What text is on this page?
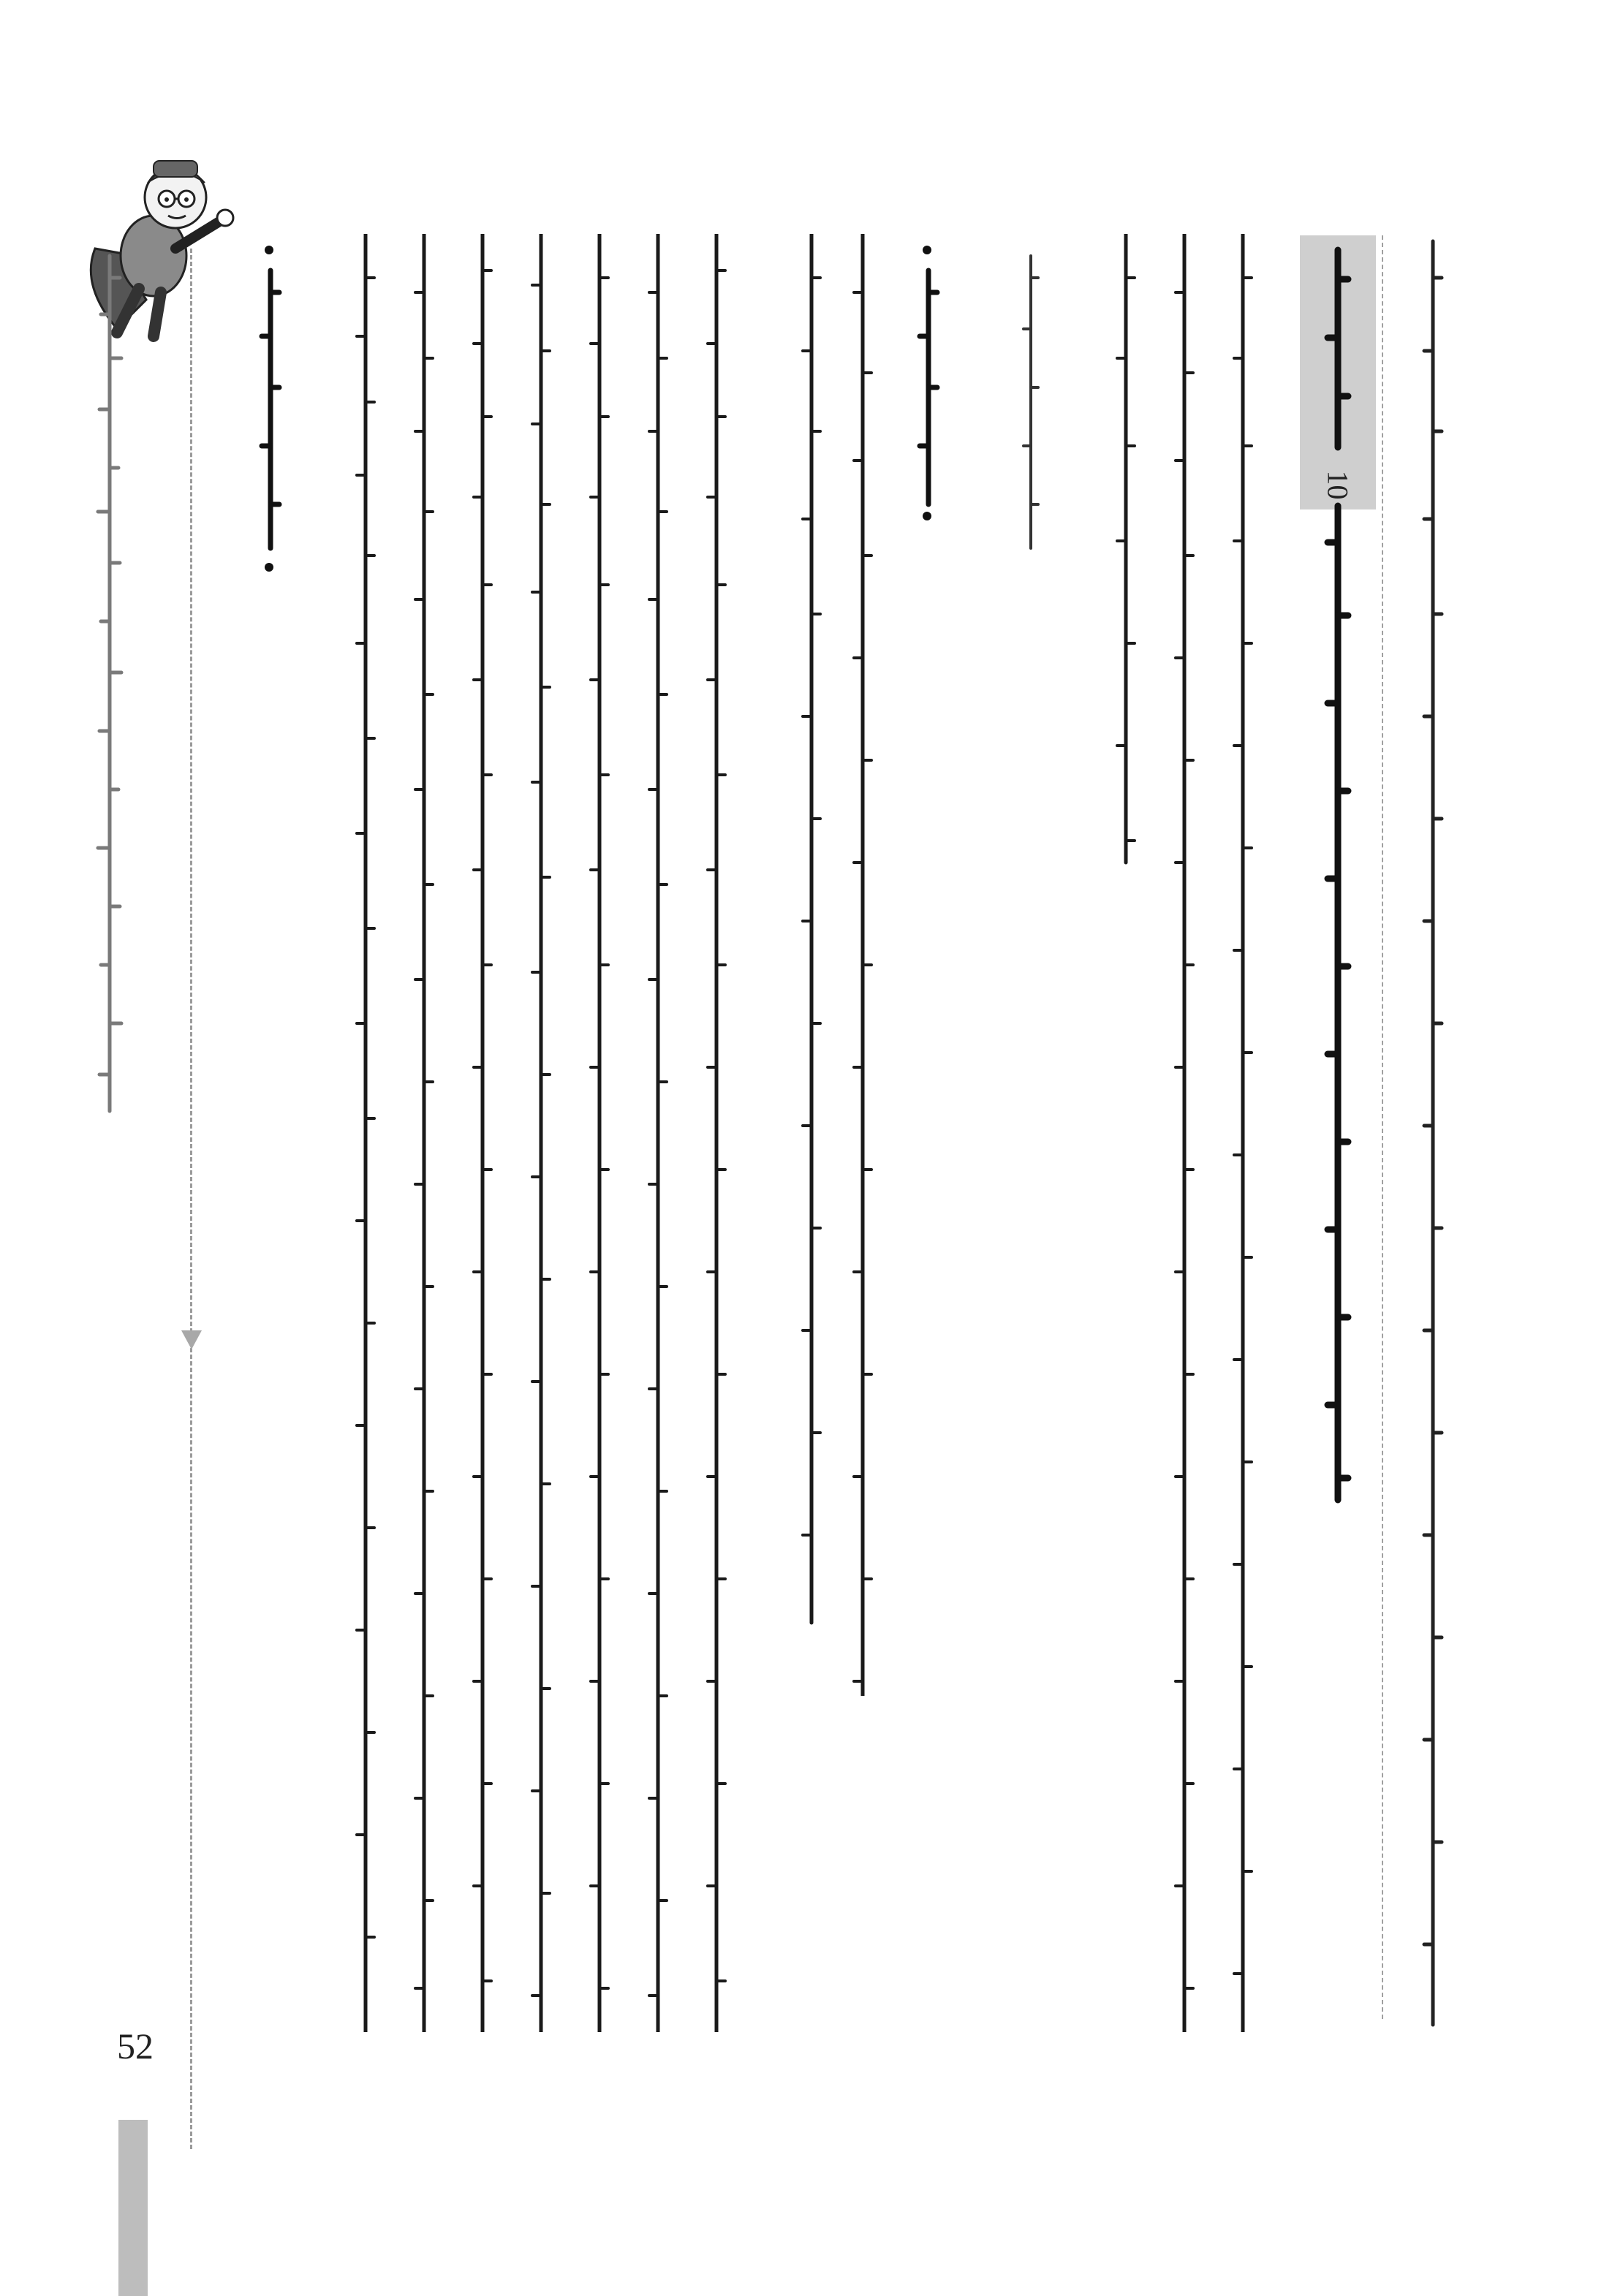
52
10
